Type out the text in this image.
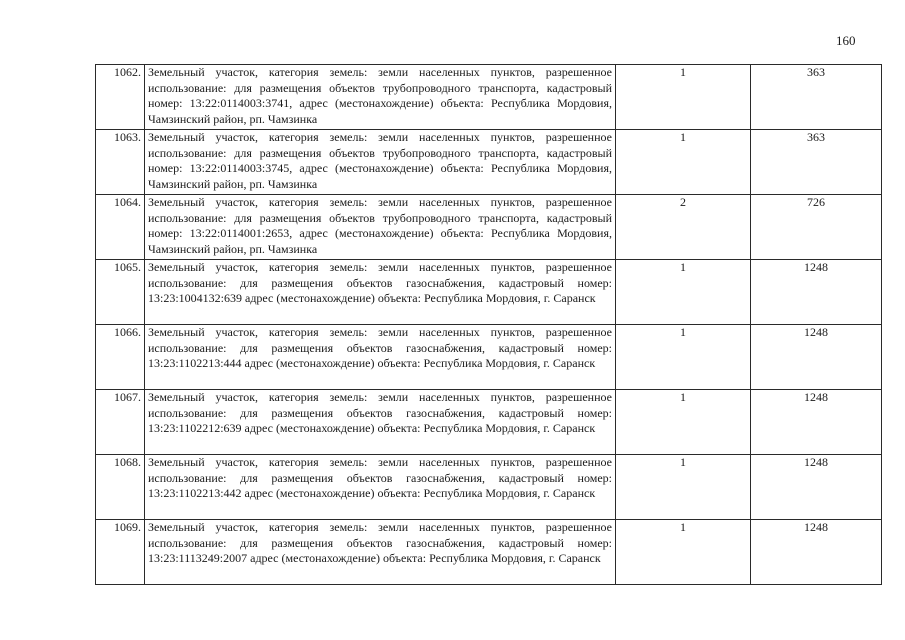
160
1062.	Земельный участок, категория земель: земли населенных пунктов, разрешенное использование: для размещения объектов трубопроводного транспорта, кадастровый номер: 13:22:0114003:3741, адрес (местонахождение) объекта: Республика Мордовия, Чамзинский район, рп. Чамзинка	1	363
1063.	Земельный участок, категория земель: земли населенных пунктов, разрешенное использование: для размещения объектов трубопроводного транспорта, кадастровый номер: 13:22:0114003:3745, адрес (местонахождение) объекта: Республика Мордовия, Чамзинский район, рп. Чамзинка	1	363
1064.	Земельный участок, категория земель: земли населенных пунктов, разрешенное использование: для размещения объектов трубопроводного транспорта, кадастровый номер: 13:22:0114001:2653, адрес (местонахождение) объекта: Республика Мордовия, Чамзинский район, рп. Чамзинка	2	726
1065.	Земельный участок, категория земель: земли населенных пунктов, разрешенное использование: для размещения объектов газоснабжения, кадастровый номер: 13:23:1004132:639 адрес (местонахождение) объекта: Республика Мордовия, г. Саранск	1	1248
1066.	Земельный участок, категория земель: земли населенных пунктов, разрешенное использование: для размещения объектов газоснабжения, кадастровый номер: 13:23:1102213:444 адрес (местонахождение) объекта: Республика Мордовия, г. Саранск	1	1248
1067.	Земельный участок, категория земель: земли населенных пунктов, разрешенное использование: для размещения объектов газоснабжения, кадастровый номер: 13:23:1102212:639 адрес (местонахождение) объекта: Республика Мордовия, г. Саранск	1	1248
1068.	Земельный участок, категория земель: земли населенных пунктов, разрешенное использование: для размещения объектов газоснабжения, кадастровый номер: 13:23:1102213:442 адрес (местонахождение) объекта: Республика Мордовия, г. Саранск	1	1248
1069.	Земельный участок, категория земель: земли населенных пунктов, разрешенное использование: для размещения объектов газоснабжения, кадастровый номер: 13:23:1113249:2007 адрес (местонахождение) объекта: Республика Мордовия, г. Саранск	1	1248
